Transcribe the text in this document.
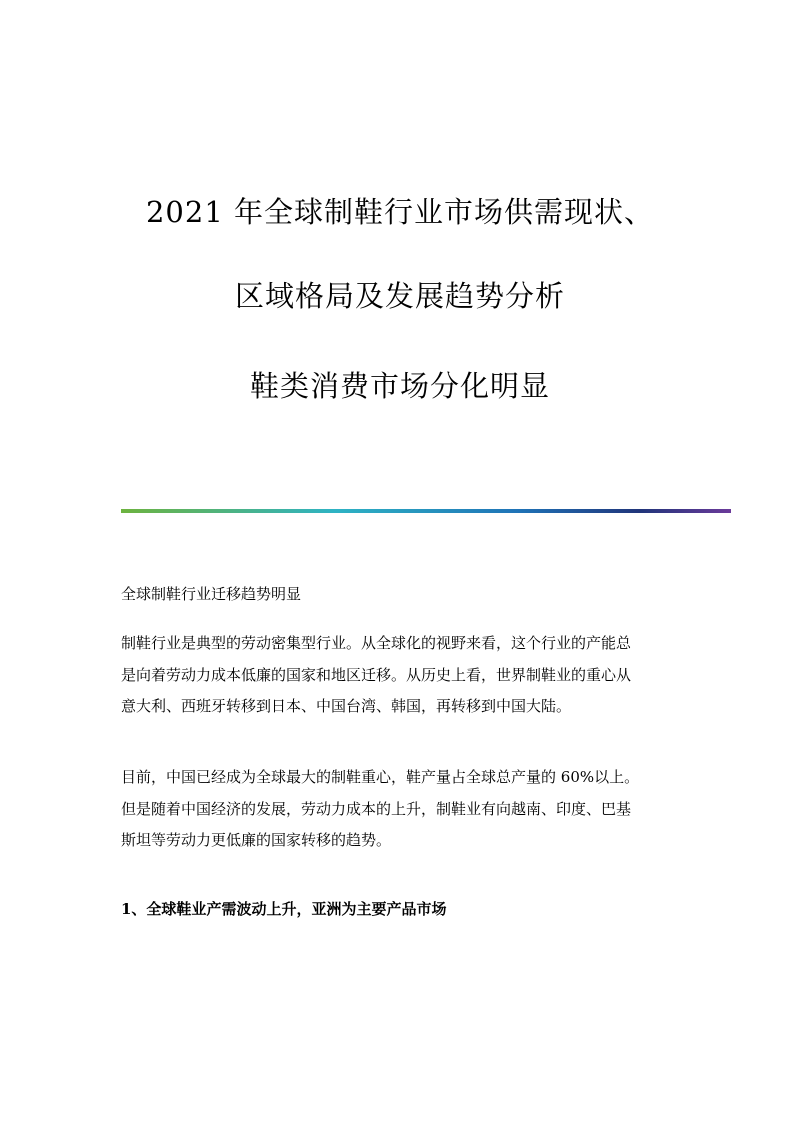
2021 年全球制鞋行业市场供需现状、
区域格局及发展趋势分析
鞋类消费市场分化明显
全球制鞋行业迁移趋势明显

制鞋行业是典型的劳动密集型行业。从全球化的视野来看，这个行业的产能总
是向着劳动力成本低廉的国家和地区迁移。从历史上看，世界制鞋业的重心从
意大利、西班牙转移到日本、中国台湾、韩国，再转移到中国大陆。

目前，中国已经成为全球最大的制鞋重心，鞋产量占全球总产量的 60%以上。
但是随着中国经济的发展，劳动力成本的上升，制鞋业有向越南、印度、巴基
斯坦等劳动力更低廉的国家转移的趋势。

1、全球鞋业产需波动上升，亚洲为主要产品市场
